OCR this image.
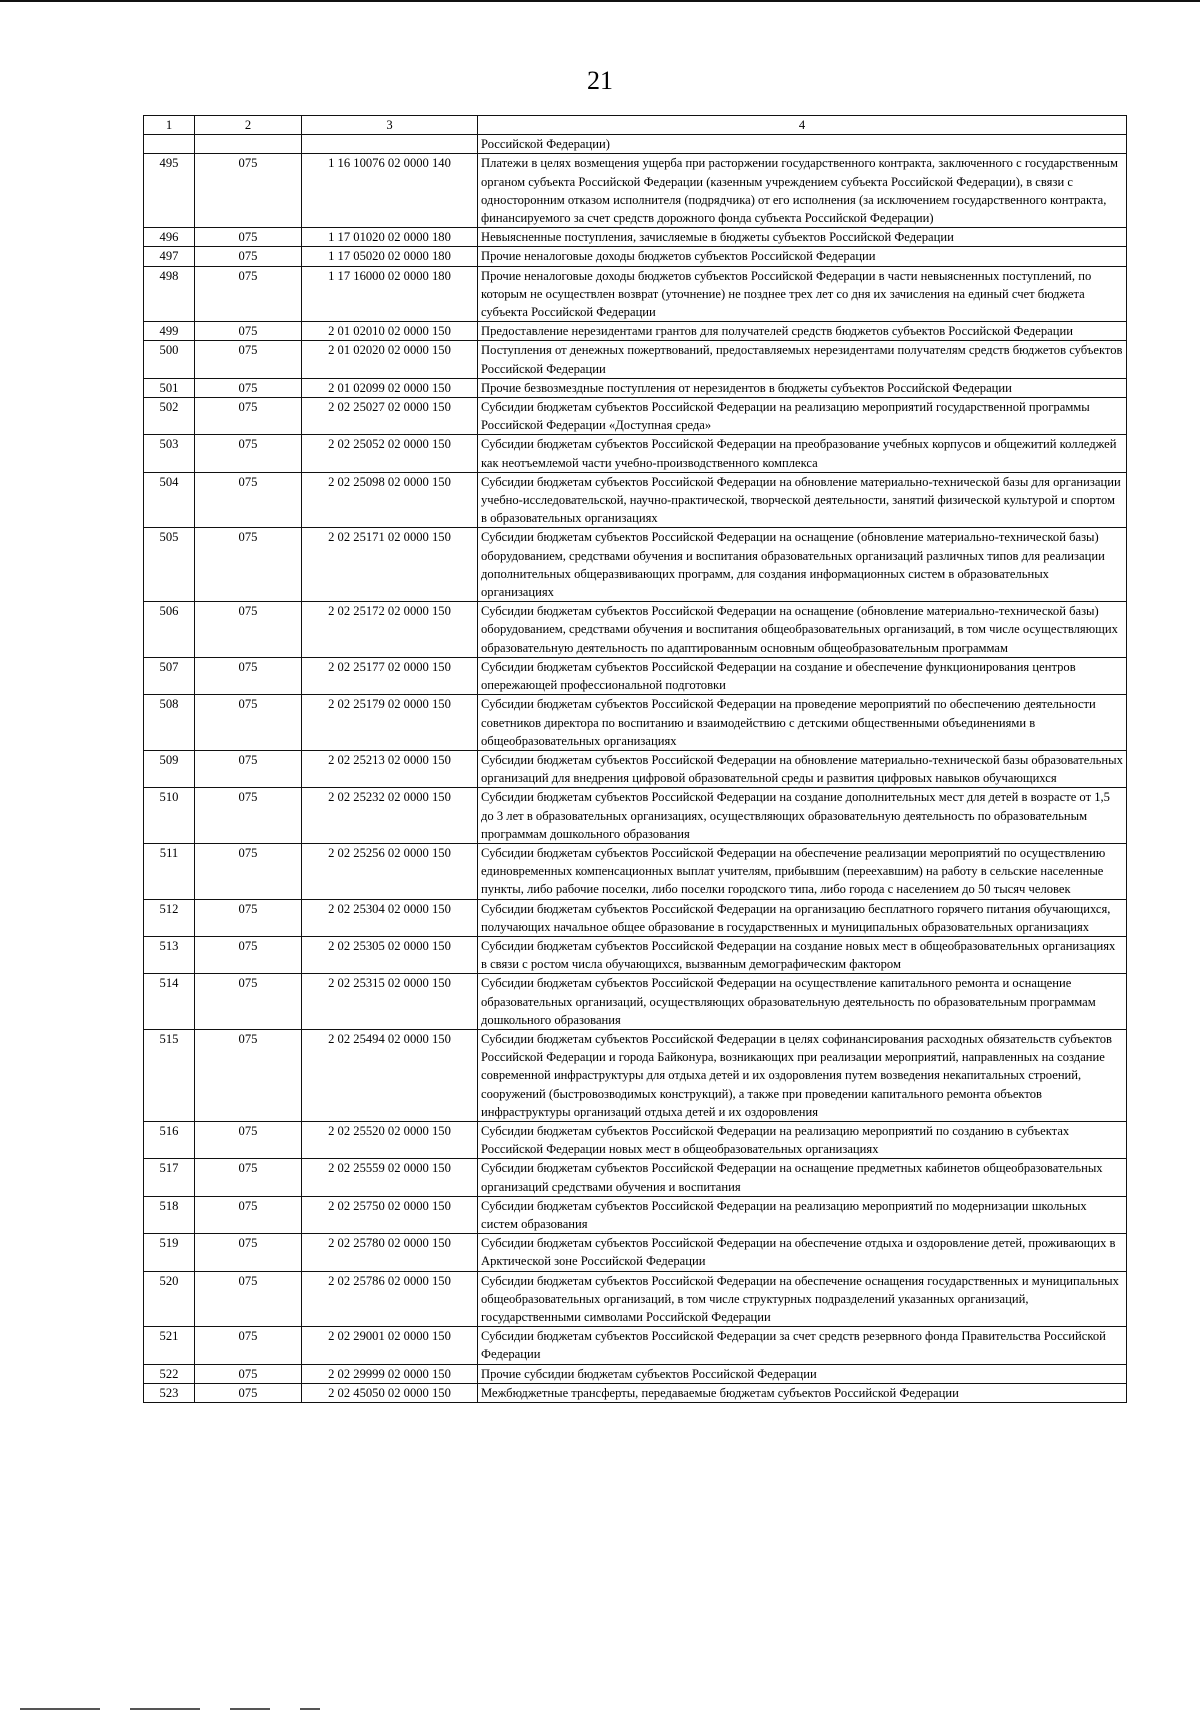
21
1	2	3	4
			Российской Федерации)
495	075	1 16 10076 02 0000 140	Платежи в целях возмещения ущерба при расторжении государственного контракта, заключенного с государственным органом субъекта Российской Федерации (казенным учреждением субъекта Российской Федерации), в связи с односторонним отказом исполнителя (подрядчика) от его исполнения (за исключением государственного контракта, финансируемого за счет средств дорожного фонда субъекта Российской Федерации)
496	075	1 17 01020 02 0000 180	Невыясненные поступления, зачисляемые в бюджеты субъектов Российской Федерации
497	075	1 17 05020 02 0000 180	Прочие неналоговые доходы бюджетов субъектов Российской Федерации
498	075	1 17 16000 02 0000 180	Прочие неналоговые доходы бюджетов субъектов Российской Федерации в части невыясненных поступлений, по которым не осуществлен возврат (уточнение) не позднее трех лет со дня их зачисления на единый счет бюджета субъекта Российской Федерации
499	075	2 01 02010 02 0000 150	Предоставление нерезидентами грантов для получателей средств бюджетов субъектов Российской Федерации
500	075	2 01 02020 02 0000 150	Поступления от денежных пожертвований, предоставляемых нерезидентами получателям средств бюджетов субъектов Российской Федерации
501	075	2 01 02099 02 0000 150	Прочие безвозмездные поступления от нерезидентов в бюджеты субъектов Российской Федерации
502	075	2 02 25027 02 0000 150	Субсидии бюджетам субъектов Российской Федерации на реализацию мероприятий государственной программы Российской Федерации «Доступная среда»
503	075	2 02 25052 02 0000 150	Субсидии бюджетам субъектов Российской Федерации на преобразование учебных корпусов и общежитий колледжей как неотъемлемой части учебно-производственного комплекса
504	075	2 02 25098 02 0000 150	Субсидии бюджетам субъектов Российской Федерации на обновление материально-технической базы для организации учебно-исследовательской, научно-практической, творческой деятельности, занятий физической культурой и спортом в образовательных организациях
505	075	2 02 25171 02 0000 150	Субсидии бюджетам субъектов Российской Федерации на оснащение (обновление материально-технической базы) оборудованием, средствами обучения и воспитания образовательных организаций различных типов для реализации дополнительных общеразвивающих программ, для создания информационных систем в образовательных организациях
506	075	2 02 25172 02 0000 150	Субсидии бюджетам субъектов Российской Федерации на оснащение (обновление материально-технической базы) оборудованием, средствами обучения и воспитания общеобразовательных организаций, в том числе осуществляющих образовательную деятельность по адаптированным основным общеобразовательным программам
507	075	2 02 25177 02 0000 150	Субсидии бюджетам субъектов Российской Федерации на создание и обеспечение функционирования центров опережающей профессиональной подготовки
508	075	2 02 25179 02 0000 150	Субсидии бюджетам субъектов Российской Федерации на проведение мероприятий по обеспечению деятельности советников директора по воспитанию и взаимодействию с детскими общественными объединениями в общеобразовательных организациях
509	075	2 02 25213 02 0000 150	Субсидии бюджетам субъектов Российской Федерации на обновление материально-технической базы образовательных организаций для внедрения цифровой образовательной среды и развития цифровых навыков обучающихся
510	075	2 02 25232 02 0000 150	Субсидии бюджетам субъектов Российской Федерации на создание дополнительных мест для детей в возрасте от 1,5 до 3 лет в образовательных организациях, осуществляющих образовательную деятельность по образовательным программам дошкольного образования
511	075	2 02 25256 02 0000 150	Субсидии бюджетам субъектов Российской Федерации на обеспечение реализации мероприятий по осуществлению единовременных компенсационных выплат учителям, прибывшим (переехавшим) на работу в сельские населенные пункты, либо рабочие поселки, либо поселки городского типа, либо города с населением до 50 тысяч человек
512	075	2 02 25304 02 0000 150	Субсидии бюджетам субъектов Российской Федерации на организацию бесплатного горячего питания обучающихся, получающих начальное общее образование в государственных и муниципальных образовательных организациях
513	075	2 02 25305 02 0000 150	Субсидии бюджетам субъектов Российской Федерации на создание новых мест в общеобразовательных организациях в связи с ростом числа обучающихся, вызванным демографическим фактором
514	075	2 02 25315 02 0000 150	Субсидии бюджетам субъектов Российской Федерации на осуществление капитального ремонта и оснащение образовательных организаций, осуществляющих образовательную деятельность по образовательным программам дошкольного образования
515	075	2 02 25494 02 0000 150	Субсидии бюджетам субъектов Российской Федерации в целях софинансирования расходных обязательств субъектов Российской Федерации и города Байконура, возникающих при реализации мероприятий, направленных на создание современной инфраструктуры для отдыха детей и их оздоровления путем возведения некапитальных строений, сооружений (быстровозводимых конструкций), а также при проведении капитального ремонта объектов инфраструктуры организаций отдыха детей и их оздоровления
516	075	2 02 25520 02 0000 150	Субсидии бюджетам субъектов Российской Федерации на реализацию мероприятий по созданию в субъектах Российской Федерации новых мест в общеобразовательных организациях
517	075	2 02 25559 02 0000 150	Субсидии бюджетам субъектов Российской Федерации на оснащение предметных кабинетов общеобразовательных организаций средствами обучения и воспитания
518	075	2 02 25750 02 0000 150	Субсидии бюджетам субъектов Российской Федерации на реализацию мероприятий по модернизации школьных систем образования
519	075	2 02 25780 02 0000 150	Субсидии бюджетам субъектов Российской Федерации на обеспечение отдыха и оздоровление детей, проживающих в Арктической зоне Российской Федерации
520	075	2 02 25786 02 0000 150	Субсидии бюджетам субъектов Российской Федерации на обеспечение оснащения государственных и муниципальных общеобразовательных организаций, в том числе структурных подразделений указанных организаций, государственными символами Российской Федерации
521	075	2 02 29001 02 0000 150	Субсидии бюджетам субъектов Российской Федерации за счет средств резервного фонда Правительства Российской Федерации
522	075	2 02 29999 02 0000 150	Прочие субсидии бюджетам субъектов Российской Федерации
523	075	2 02 45050 02 0000 150	Межбюджетные трансферты, передаваемые бюджетам субъектов Российской Федерации
